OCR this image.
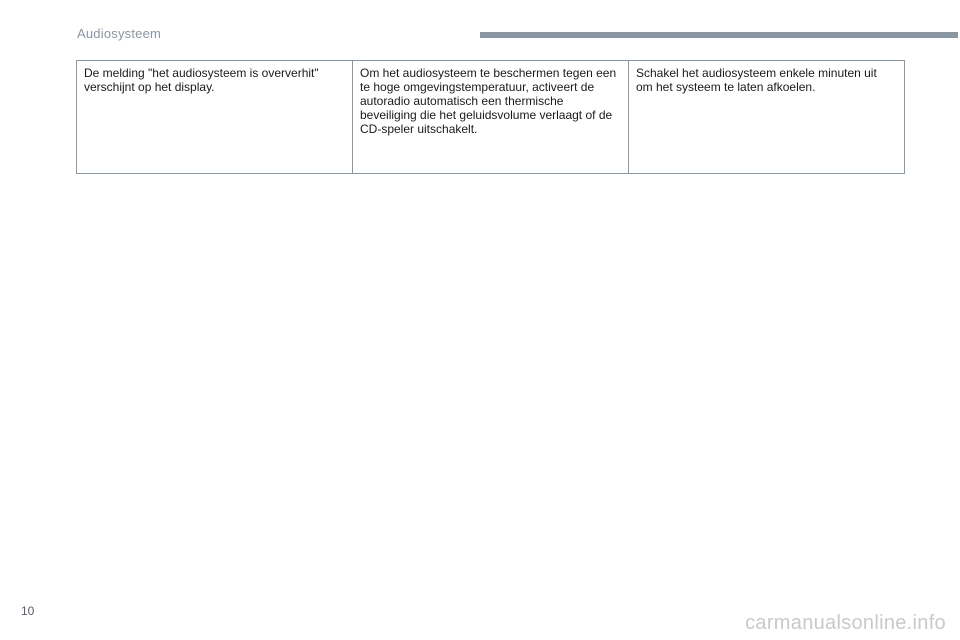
Audiosysteem
De melding "het audiosysteem is oververhit" verschijnt op het display.	Om het audiosysteem te beschermen tegen een te hoge omgevingstemperatuur, activeert de autoradio automatisch een thermische beveiliging die het geluidsvolume verlaagt of de CD-speler uitschakelt.	Schakel het audiosysteem enkele minuten uit om het systeem te laten afkoelen.
10
carmanualsonline.info
